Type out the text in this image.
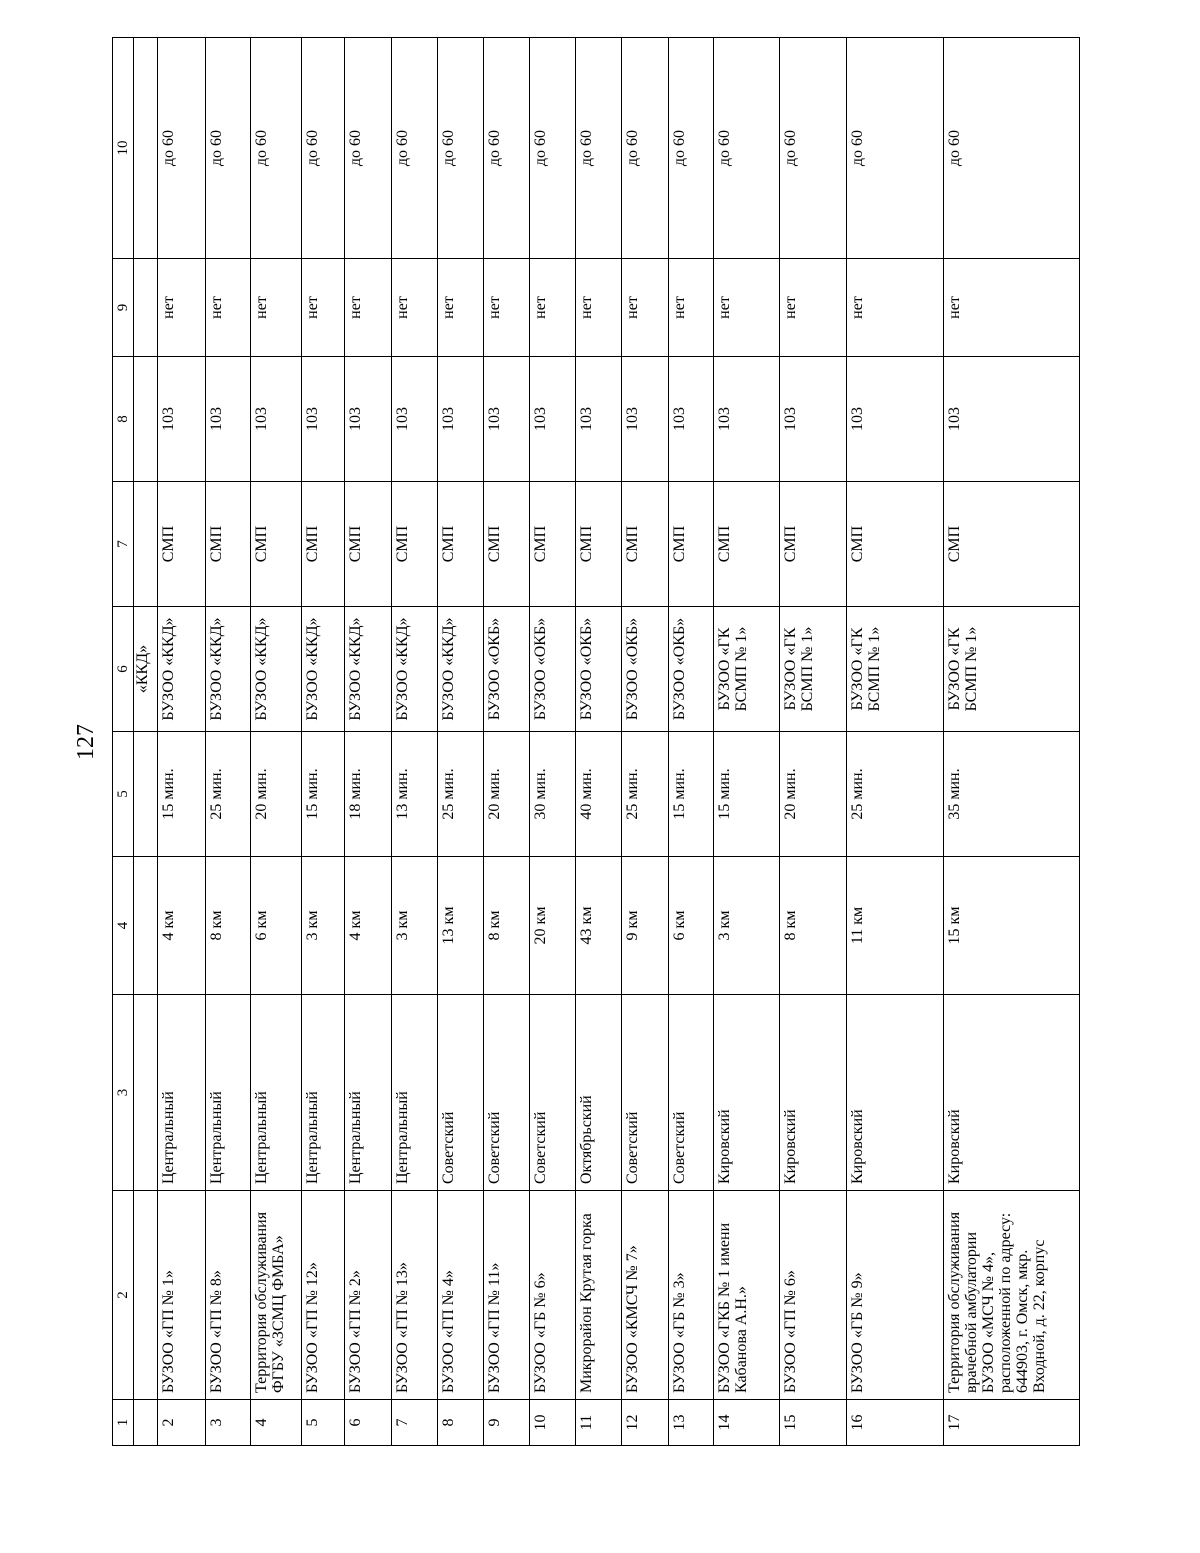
127
1	2	3	4	5	6	7	8	9	10
					«ККД»				
2	БУЗОО «ГП № 1»	Центральный	4 км	15 мин.	БУЗОО «ККД»	СМП	103	нет	до 60
3	БУЗОО «ГП № 8»	Центральный	8 км	25 мин.	БУЗОО «ККД»	СМП	103	нет	до 60
4	Территория обслуживания ФГБУ «ЗСМЦ ФМБА»	Центральный	6 км	20 мин.	БУЗОО «ККД»	СМП	103	нет	до 60
5	БУЗОО «ГП № 12»	Центральный	3 км	15 мин.	БУЗОО «ККД»	СМП	103	нет	до 60
6	БУЗОО «ГП № 2»	Центральный	4 км	18 мин.	БУЗОО «ККД»	СМП	103	нет	до 60
7	БУЗОО «ГП № 13»	Центральный	3 км	13 мин.	БУЗОО «ККД»	СМП	103	нет	до 60
8	БУЗОО «ГП № 4»	Советский	13 км	25 мин.	БУЗОО «ККД»	СМП	103	нет	до 60
9	БУЗОО «ГП № 11»	Советский	8 км	20 мин.	БУЗОО «ОКБ»	СМП	103	нет	до 60
10	БУЗОО «ГБ № 6»	Советский	20 км	30 мин.	БУЗОО «ОКБ»	СМП	103	нет	до 60
11	Микрорайон Крутая горка	Октябрьский	43 км	40 мин.	БУЗОО «ОКБ»	СМП	103	нет	до 60
12	БУЗОО «КМСЧ № 7»	Советский	9 км	25 мин.	БУЗОО «ОКБ»	СМП	103	нет	до 60
13	БУЗОО «ГБ № 3»	Советский	6 км	15 мин.	БУЗОО «ОКБ»	СМП	103	нет	до 60
14	БУЗОО «ГКБ № 1 имени Кабанова А.Н.»	Кировский	3 км	15 мин.	БУЗОО «ГК БСМП № 1»	СМП	103	нет	до 60
15	БУЗОО «ГП № 6»	Кировский	8 км	20 мин.	БУЗОО «ГК БСМП № 1»	СМП	103	нет	до 60
16	БУЗОО «ГБ № 9»	Кировский	11 км	25 мин.	БУЗОО «ГК БСМП № 1»	СМП	103	нет	до 60
17	Территория обслуживания врачебной амбулатории БУЗОО «МСЧ № 4», расположенной по адресу: 644903, г. Омск, мкр. Входной, д. 22, корпус	Кировский	15 км	35 мин.	БУЗОО «ГК БСМП № 1»	СМП	103	нет	до 60
